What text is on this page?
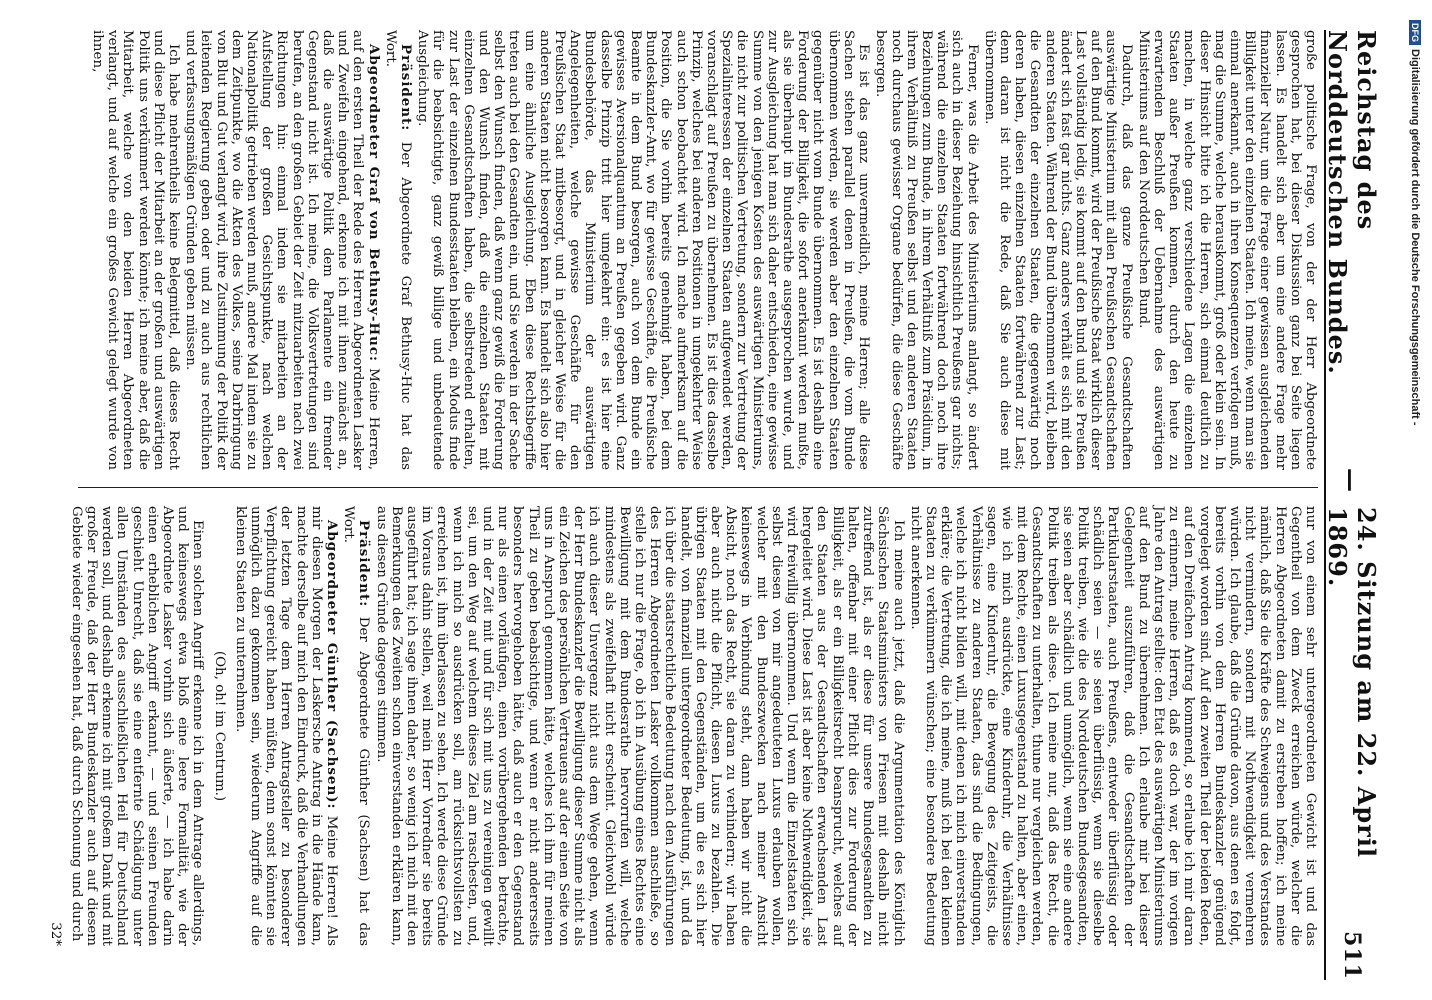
Reichstag des Norddeutschen Bundes.
—
24. Sitzung am 22. April 1869.
511

große politische Frage, von der der Herr Abgeordnete gesprochen hat, bei dieser Diskussion ganz bei Seite liegen lassen. Es handelt sich aber um eine andere Frage mehr finanzieller Natur, um die Frage einer gewissen ausgleichenden Billigkeit unter den einzelnen Staaten. Ich meine, wenn man sie einmal anerkannt, auch in ihren Konsequenzen verfolgen muß, mag die Summe, welche herauskommt, groß oder klein sein. In dieser Hinsicht bitte ich die Herren, sich einmal deutlich zu machen, in welche ganz verschiedene Lagen die einzelnen Staaten außer Preußen kommen, durch den heute zu erwartenden Beschluß der Uebernahme des auswärtigen Ministeriums auf den Norddeutschen Bund.

Dadurch, daß das ganze Preußische Gesandtschaften auswärtige Ministerium mit allen Preußischen Gesandtschaften auf den Bund kommt, wird der Preußische Staat wirklich dieser Last vollständig ledig, sie kommt auf den Bund und sie Preußen ändert sich fast gar nichts. Ganz anders verhält es sich mit den anderen Staaten. Während der Bund übernommen wird, bleiben die Gesandten der einzelnen Staaten, die gegenwärtig noch deren haben, diesen einzelnen Staaten fortwährend zur Last; denn daran ist nicht die Rede, daß Sie auch diese mit übernommen.

Ferner, was die Arbeit des Ministeriums anlangt, so ändert sich auch in dieser Beziehung hinsichtlich Preußens gar nichts; während die einzelnen Staaten fortwährend doch noch ihre Beziehungen zum Bunde, in ihrem Verhältniß zum Präsidium, in ihrem Verhältniß zu Preußen selbst und den anderen Staaten noch durchaus gewisser Organe bedürfen, die diese Geschäfte besorgen.

Es ist das ganz unvermeidlich, meine Herren; alle diese Sachen stehen parallel denen in Preußen, die vom Bunde übernommen werden, sie werden aber den einzelnen Staaten gegenüber nicht vom Bunde übernommen. Es ist deshalb eine Forderung der Billigkeit, die sofort anerkannt werden mußte, als sie überhaupt im Bundesrathe ausgesprochen wurde, und zur Ausgleichung hat man sich daher entschieden, eine gewisse Summe von den jenigen Kosten des auswärtigen Ministeriums, die nicht zur politischen Vertretung, sondern zur Vertretung der Spezialinteressen der einzelnen Staaten aufgewendet werden, voranschlagt auf Preußen zu übernehmen. Es ist dies dasselbe Prinzip, welches bei anderen Positionen in umgekehrter Weise auch schon beobachtet wird. Ich mache aufmerksam auf die Position, die Sie vorhin bereits genehmigt haben, bei dem Bundeskanzler-Amt, wo für gewisse Geschäfte, die Preußische Beamte in dem Bund besorgen, auch von dem Bunde ein gewisses Aversionalquantum an Preußen gegeben wird. Ganz dasselbe Prinzip tritt hier umgekehrt ein: es ist hier eine Bundesbehörde, das Ministerium der auswärtigen Angelegenheiten, welche gewisse Geschäfte für den Preußischen Staat mitbesorgt, und in gleicher Weise für die anderen Staaten nicht besorgen kann. Es handelt sich also hier um eine ähnliche Ausgleichung. Eben diese Rechtsbegriffe treten auch bei den Gesandten ein, und Sie werden in der Sache selbst den Wunsch finden, daß wenn ganz gewiß die Forderung und den Wunsch finden, daß die einzelnen Staaten mit einzelnen Gesandtschaften haben, die selbstredend erhalten, zur Last der einzelnen Bundesstaaten bleiben, ein Modus finde für die beabsichtigte, ganz gewiß billige und unbedeutende Ausgleichung.

Präsident: Der Abgeordnete Graf Bethusy-Huc hat das Wort.

Abgeordneter Graf von Bethusy-Huc: Meine Herren, auf den ersten Theil der Rede des Herren Abgeordneten Lasker und Zweifeln eingehend, erkenne ich mit ihnen zunächst an, daß die auswärtige Politik dem Parlamente ein fremder Gegenstand nicht ist. Ich meine, die Volksvertretungen sind berufen, an den großen Gebiet der Zeit mitzuarbeiten nach zwei Richtungen hin: einmal indem sie mitarbeiten an der Aufstellung der großen Gesichtspunkte, nach welchen Nationalpolitik getrieben werden muß, andere Mal indem sie zu dem Zeitpunkte, wo die Akten des Volkes, seine Darbringung von Blut und Gut verlangt wird, ihre Zustimmung der Politik der leitenden Regierung geben oder und zu auch aus rechtlichen und verfassungsmäßigen Gründen geben müssen.

Ich habe mehrentheils keine Belegmittel, daß dieses Recht und diese Pflicht der Mitarbeit an der großen und auswärtigen Politik uns verkümmert werden könnte; ich meine aber, daß die Mitarbeit, welche von den beiden Herren Abgeordneten verlangt, und auf welche ein großes Gewicht gelegt wurde von ihnen,

nur von einem sehr untergeordneten Gewicht ist und das Gegentheil von dem Zweck erreichen würde, welcher die Herren Abgeordneten damit zu erstreben hoffen; ich meine nämlich, daß Sie die Kräfte des Schweigens und des Verstandes nicht vermindern, sondern mit Nothwendigkeit vermehren würden. Ich glaube, daß die Gründe davon, aus denen es folgt, bereits vorhin von dem Herren Bundeskanzler genügend vorgelegt worden sind. Auf den zweiten Theil der beiden Reden, auf den Dreifachen Antrag kommend, so erlaube ich mir daran zu erinnern, meine Herren, daß es doch war, der im vorigen Jahre den Antrag stellte: den Etat des auswärtigen Ministeriums auf den Bund zu übernehmen. Ich erlaube mir bei dieser Gelegenheit auszuführen, daß die Gesandtschaften der Partikularstaaten, auch Preußens, entweder überflüssig oder schädlich seien — sie seien überflüssig, wenn sie dieselbe Politik treiben, wie die des Norddeutschen Bundesgesandten, sie seien aber schädlich und unmöglich, wenn sie eine andere Politik treiben als diese. Ich meine nur, daß das Recht, die Gesandtschaften zu unterhalten, thune nur vergleichen werden, mit dem Rechte, einen Luxusgegenstand zu halten, aber einen, wie ich mich ausdrückte, eine Kinderuhr, die Verhältnisse sagen, eine Kinderuhr, die Bewegung des Zeitgeists, die Verhältnisse zu anderen Staaten, das sind die Bedingungen, welche ich nicht bilden will, mit denen ich mich einverstanden erkläre; die Vertretung, die ich meine, muß ich bei den kleinen Staaten zu verkümmern wünschen; eine besondere Bedeutung nicht anerkennen.

Ich meine auch jetzt, daß die Argumentation des Königlich Sächsischen Staatsministers von Friesen mit deshalb nicht zutreffend ist, als er diese für unsere Bundesgesandten zu halten, offenbar mit einer Pflicht dies zur Forderung der Billigkeit, als er ein Billigkeitsrecht beansprucht, welches auf den Staaten aus der Gesandtschaften erwachsenden Last hergeleitet wird. Diese Last ist aber keine Nothwendigkeit, sie wird freiwillig übernommen. Und wenn die Einzelstaaten sich selbst diesen von mir angedeuteten Luxus erlauben wollen, welcher mit den Bundeszwecken nach meiner Ansicht keineswegs in Verbindung steht, dann haben wir nicht die Absicht, noch das Recht, sie daran zu verhindern; wir haben aber auch nicht die Pflicht, diesen Luxus zu bezahlen. Die übrigen Staaten mit den Gegenständen, um die es sich hier handelt, von finanziell untergeordneter Bedeutung, ist, und da ich über die staatsrechtliche Bedeutung nach den Ausführungen des Herren Abgeordneten Lasker vollkommen anschließe, so stelle ich nur die Frage, ob ich in Ausübung eines Rechtes eine Bewilligung mit dem Bundesrathe hervorrufen will, welche mindestens als zweifelhaft nicht erscheint. Gleichwohl würde ich auch dieser Unvergenz nicht aus dem Wege gehen, wenn der Herr Bundeskanzler die Bewilligung dieser Summe nicht als ein Zeichen des persönlichen Vertrauens auf der einen Seite von uns in Anspruch genommen hätte, welches ich ihm für meinen Theil zu geben beabsichtige, und wenn er nicht andererseits besonders hervorgehoben hätte, daß auch er den Gegenstand nur als einen vorläufigen, einen vorübergehenden betrachte, und in der Zeit mit und für sich mit uns zu vereinigen gewillt sei, um den Weg auf welchem dieses Ziel am raschesten, und, wenn ich mich so ausdrücken soll, am rücksichtsvollsten zu erreichen ist, ihm überlassen zu sehen. Ich werde diese Gründe im Voraus dahin stellen, weil mein Herr Vorredner sie bereits ausgeführt hat; ich sage ihnen daher, so wenig ich mich mit den Bemerkungen des Zweiten schon einverstanden erklären kann, aus diesen Gründe dagegen stimmen.

Präsident: Der Abgeordnete Günther (Sachsen) hat das Wort.

Abgeordneter Günther (Sachsen): Meine Herren! Als mir diesen Morgen der Laskersche Antrag in die Hände kam, machte derselbe auf mich den Eindruck, daß die Verhandlungen der letzten Tage dem Herren Antragsteller zu besonderer Verpflichtung gereicht haben müßten, denn sonst könnten sie unmöglich dazu gekommen sein, wiederum Angriffe auf die kleinen Staaten zu unternehmen.

(Oh, oh! im Centrum.)

Einen solchen Angriff erkenne ich in dem Antrage allerdings, und keineswegs etwa bloß eine leere Formalität, wie der Abgeordnete Lasker vorhin sich äußerte, — ich habe darin einen erheblichen Angriff erkannt, — und seinen Freunden geschieht Unrecht, daß sie eine entfernte Schädigung unter allen Umständen des ausschließlichen Heil für Deutschland werden soll, und deshalb erkenne ich mit großem Dank und mit großer Freude, daß der Herr Bundeskanzler auch auf diesem Gebiete wieder eingesehen hat, daß durch Schonung und durch

32*

DFG
Digitalisierung gefördert durch die Deutsche Forschungsgemeinschaft -
